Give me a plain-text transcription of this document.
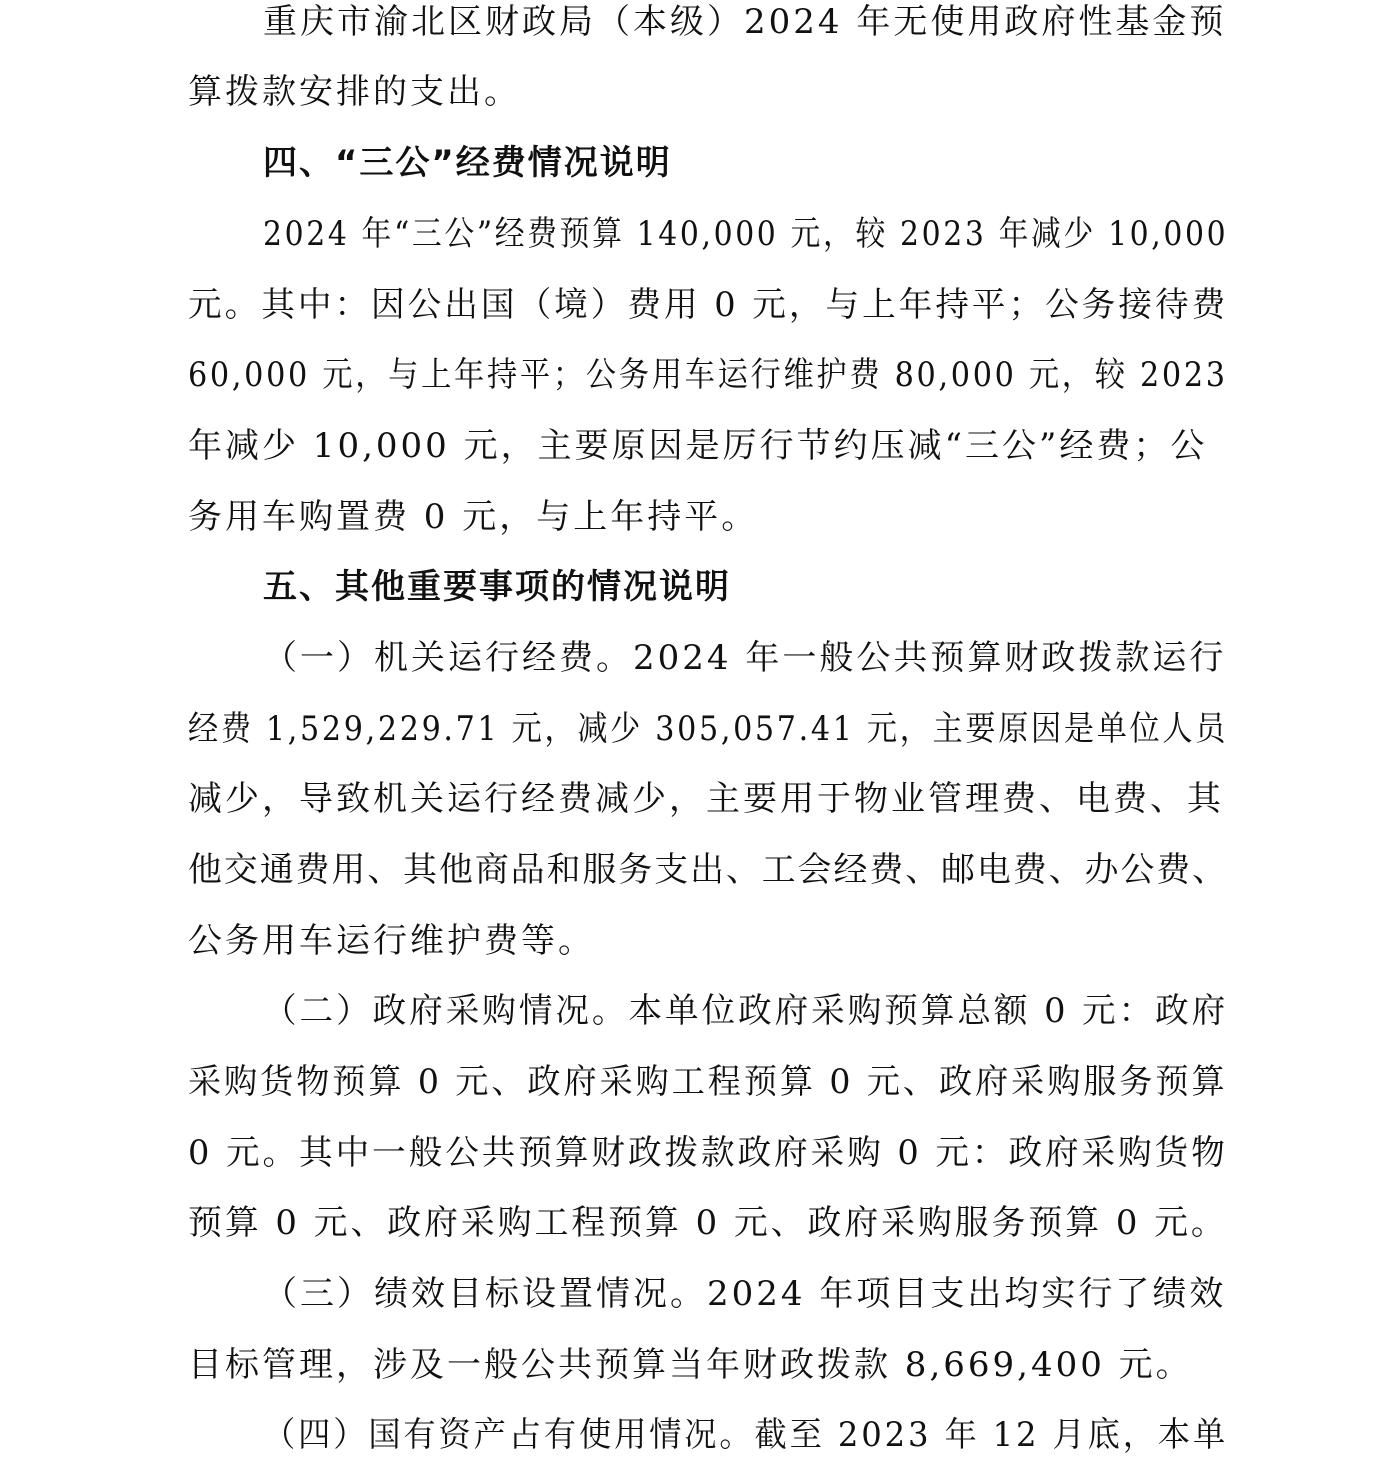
重庆市渝北区财政局（本级）2024 年无使用政府性基金预
算拨款安排的支出。
四、“三公”经费情况说明
2024 年“三公”经费预算 140,000 元，较 2023 年减少 10,000
元。其中：因公出国（境）费用 0 元，与上年持平；公务接待费
60,000 元，与上年持平；公务用车运行维护费 80,000 元，较 2023
年减少 10,000 元，主要原因是厉行节约压减“三公”经费；公
务用车购置费 0 元，与上年持平。
五、其他重要事项的情况说明
（一）机关运行经费。2024 年一般公共预算财政拨款运行
经费 1,529,229.71 元，减少 305,057.41 元，主要原因是单位人员
减少，导致机关运行经费减少，主要用于物业管理费、电费、其
他交通费用、其他商品和服务支出、工会经费、邮电费、办公费、
公务用车运行维护费等。
（二）政府采购情况。本单位政府采购预算总额 0 元：政府
采购货物预算 0 元、政府采购工程预算 0 元、政府采购服务预算
0 元。其中一般公共预算财政拨款政府采购 0 元：政府采购货物
预算 0 元、政府采购工程预算 0 元、政府采购服务预算 0 元。
（三）绩效目标设置情况。2024 年项目支出均实行了绩效
目标管理，涉及一般公共预算当年财政拨款 8,669,400 元。
（四）国有资产占有使用情况。截至 2023 年 12 月底，本单
